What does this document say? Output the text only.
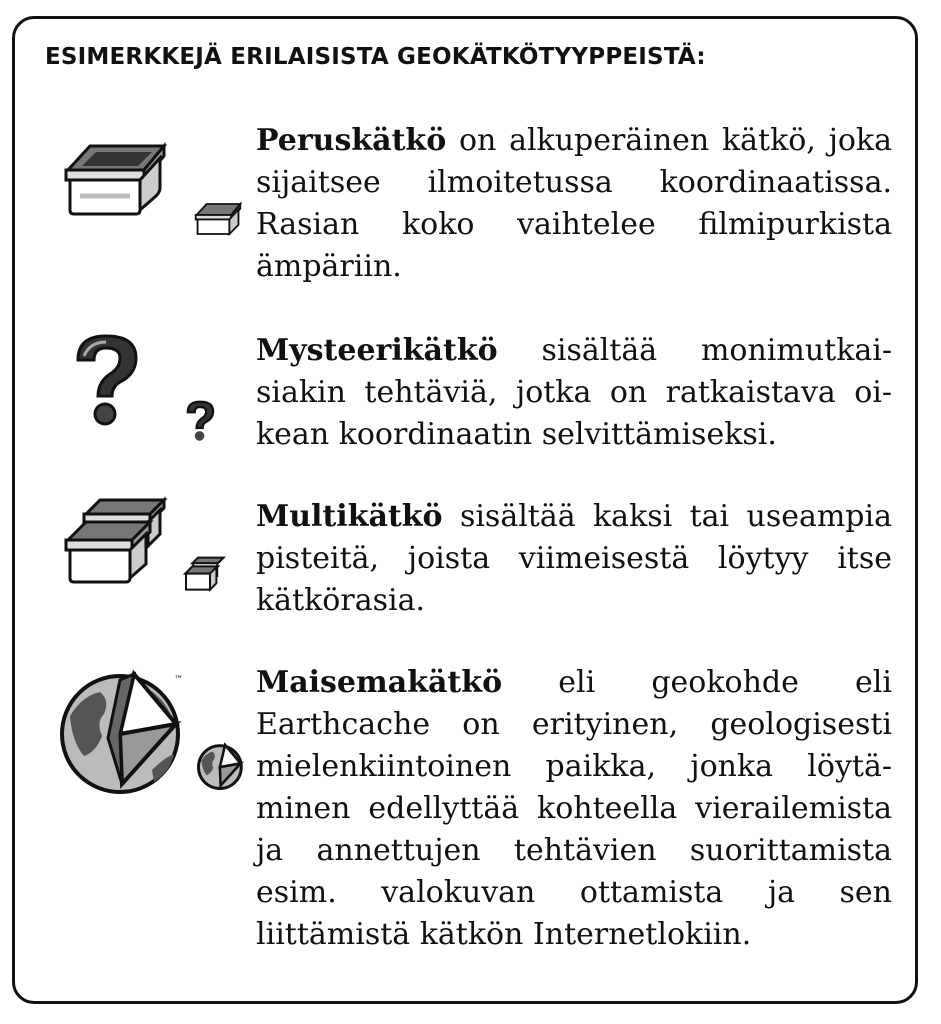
ESIMERKKEJÄ ERILAISISTA GEOKÄTKÖTYYPPEISTÄ:
Peruskätkö on alkuperäinen kätkö, joka sijaitsee ilmoitetussa koordinaatissa. Rasian koko vaihtelee filmipurkista ämpäriin.
Mysteerikätkö sisältää monimutkaisiakin tehtäviä, jotka on ratkaistava oikean koordinaatin selvittämiseksi.
Multikätkö sisältää kaksi tai useampia pisteitä, joista viimeisestä löytyy itse kätkörasia.
™ Maisemakätkö eli geokohde eli Earthcache on erityinen, geologisesti mielenkiintoinen paikka, jonka löytäminen edellyttää kohteella vierailemista ja annettujen tehtävien suorittamista esim. valokuvan ottamista ja sen liittämistä kätkön Internetlokiin.
